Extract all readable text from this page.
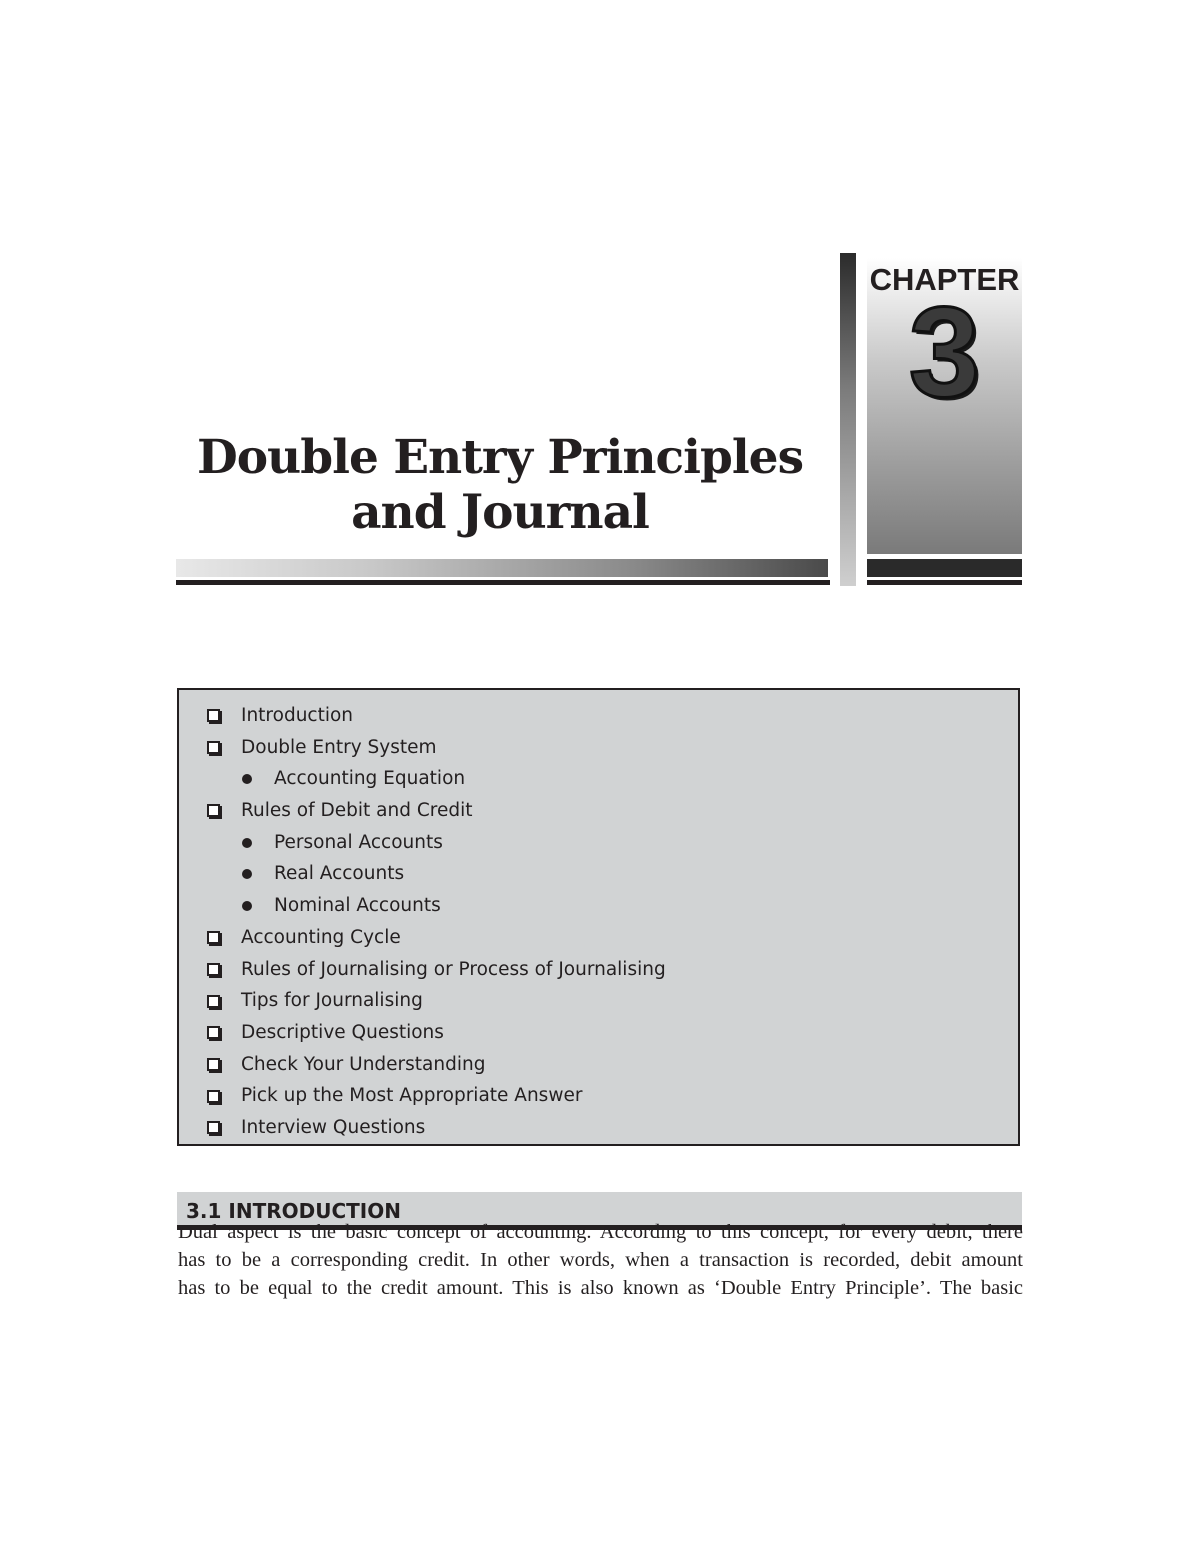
CHAPTER
3
Double Entry Principles
and Journal
Introduction
Double Entry System
Accounting Equation
Rules of Debit and Credit
Personal Accounts
Real Accounts
Nominal Accounts
Accounting Cycle
Rules of Journalising or Process of Journalising
Tips for Journalising
Descriptive Questions
Check Your Understanding
Pick up the Most Appropriate Answer
Interview Questions
3.1 INTRODUCTION
Dual aspect is the basic concept of accounting. According to this concept, for every debit, there
has to be a corresponding credit. In other words, when a transaction is recorded, debit amount
has to be equal to the credit amount. This is also known as ‘Double Entry Principle’. The basic
